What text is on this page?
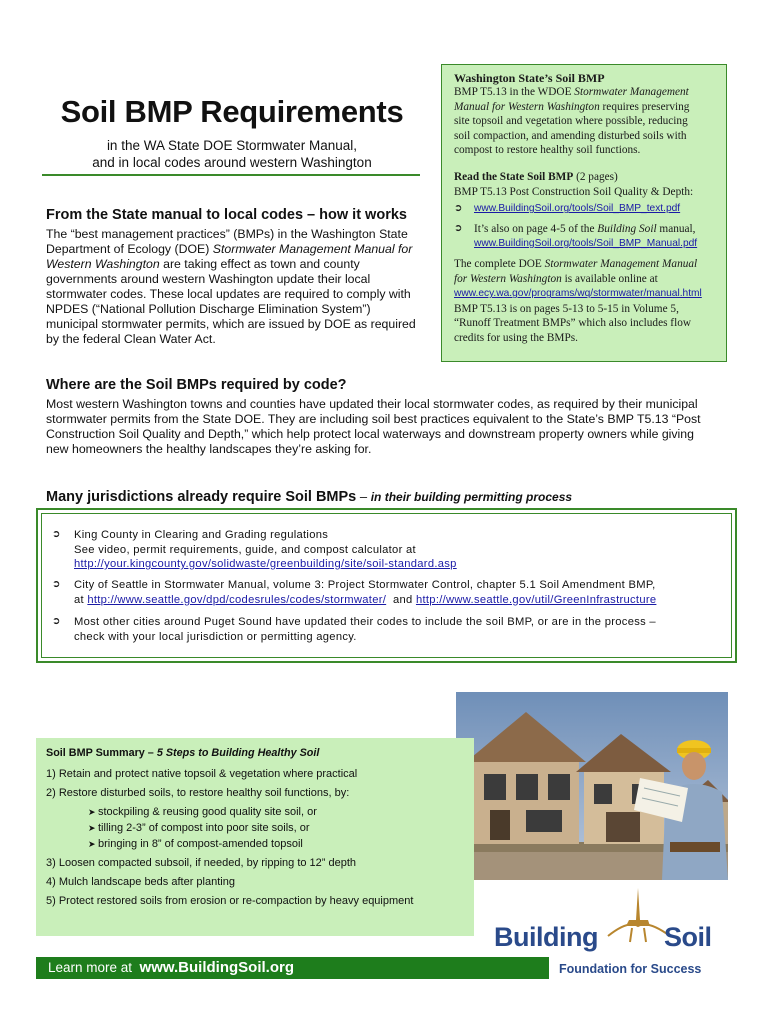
Soil BMP Requirements
in the WA State DOE Stormwater Manual,
and in local codes around western Washington
From the State manual to local codes – how it works
The “best management practices” (BMPs) in the Washington State
Department of Ecology (DOE) Stormwater Management Manual for
Western Washington are taking effect as town and county
governments around western Washington update their local
stormwater codes. These local updates are required to comply with
NPDES (“National Pollution Discharge Elimination System”)
municipal stormwater permits, which are issued by DOE as required
by the federal Clean Water Act.
Washington State’s Soil BMP
BMP T5.13 in the WDOE Stormwater Management
Manual for Western Washington requires preserving
site topsoil and vegetation where possible, reducing
soil compaction, and amending disturbed soils with
compost to restore healthy soil functions.
Read the State Soil BMP (2 pages)
BMP T5.13 Post Construction Soil Quality & Depth:
➲	www.BuildingSoil.org/tools/Soil_BMP_text.pdf
➲	It’s also on page 4-5 of the Building Soil manual,
www.BuildingSoil.org/tools/Soil_BMP_Manual.pdf
The complete DOE Stormwater Management Manual
for Western Washington is available online at
www.ecy.wa.gov/programs/wq/stormwater/manual.html
BMP T5.13 is on pages 5-13 to 5-15 in Volume 5,
“Runoff Treatment BMPs” which also includes flow
credits for using the BMPs.
Where are the Soil BMPs required by code?
Most western Washington towns and counties have updated their local stormwater codes, as required by their municipal
stormwater permits from the State DOE. They are including soil best practices equivalent to the State’s BMP T5.13 “Post
Construction Soil Quality and Depth,” which help protect local waterways and downstream property owners while giving
new homeowners the healthy landscapes they’re asking for.
Many jurisdictions already require Soil BMPs – in their building permitting process
➲ King County in Clearing and Grading regulations
See video, permit requirements, guide, and compost calculator at
http://your.kingcounty.gov/solidwaste/greenbuilding/site/soil-standard.asp
➲ City of Seattle in Stormwater Manual, volume 3: Project Stormwater Control, chapter 5.1 Soil Amendment BMP,
at http://www.seattle.gov/dpd/codesrules/codes/stormwater/  and http://www.seattle.gov/util/GreenInfrastructure
➲ Most other cities around Puget Sound have updated their codes to include the soil BMP, or are in the process –
check with your local jurisdiction or permitting agency.
Soil BMP Summary – 5 Steps to Building Healthy Soil
1) Retain and protect native topsoil & vegetation where practical
2) Restore disturbed soils, to restore healthy soil functions, by:
➤ stockpiling & reusing good quality site soil, or
➤ tilling 2-3” of compost into poor site soils, or
➤ bringing in 8” of compost-amended topsoil
3) Loosen compacted subsoil, if needed, by ripping to 12” depth
4) Mulch landscape beds after planting
5) Protect restored soils from erosion or re-compaction by heavy equipment
Learn more at  www.BuildingSoil.org
Building Soil
Foundation for Success
